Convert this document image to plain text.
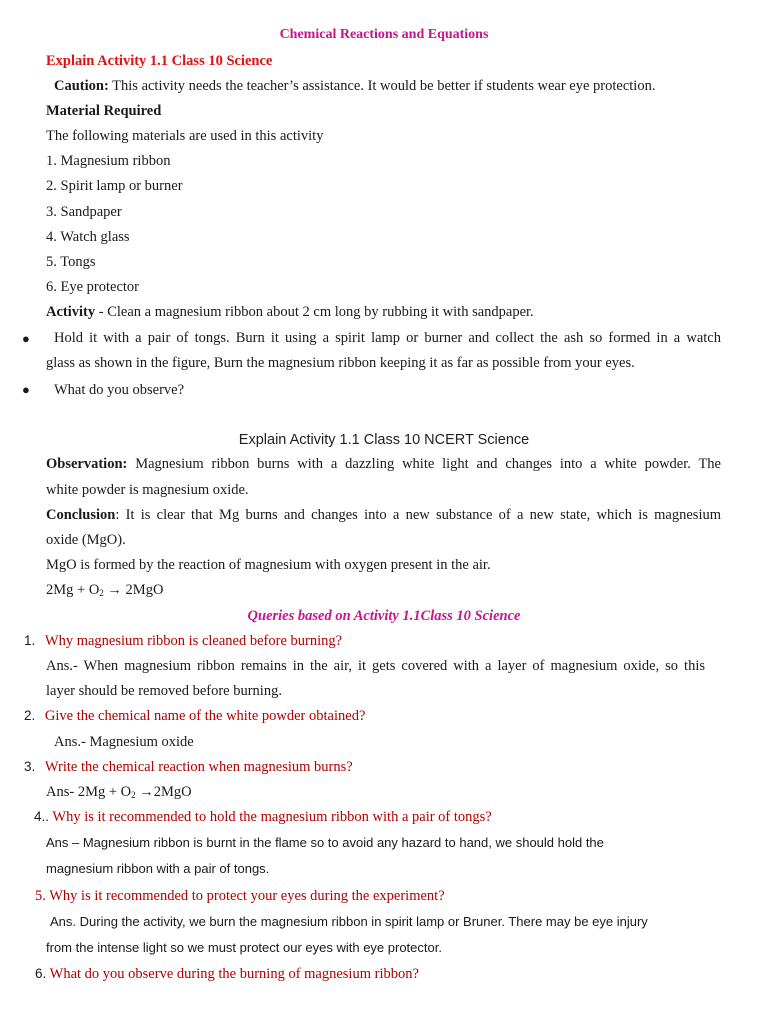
Chemical Reactions and Equations
Explain Activity 1.1 Class 10 Science
Caution: This activity needs the teacher’s assistance. It would be better if students wear eye protection.
Material Required
The following materials are used in this activity
1. Magnesium ribbon
2. Spirit lamp or burner
3. Sandpaper
4. Watch glass
5. Tongs
6. Eye protector
Activity - Clean a magnesium ribbon about 2 cm long by rubbing it with sandpaper.
●	Hold it with a pair of tongs. Burn it using a spirit lamp or burner and collect the ash so formed in a watch
glass as shown in the figure, Burn the magnesium ribbon keeping it as far as possible from your eyes.
● What do you observe?
Explain Activity 1.1 Class 10 NCERT Science
Observation: Magnesium ribbon burns with a dazzling white light and changes into a white powder. The
white powder is magnesium oxide.
Conclusion: It is clear that Mg burns and changes into a new substance of a new state, which is magnesium
oxide (MgO).
MgO is formed by the reaction of magnesium with oxygen present in the air.
$2Mg + O_2 \to 2MgO$
Queries based on Activity 1.1Class 10 Science
1. Why magnesium ribbon is cleaned before burning?
Ans.- When magnesium ribbon remains in the air, it gets covered with a layer of magnesium oxide, so this
layer should be removed before burning.
2. Give the chemical name of the white powder obtained?
Ans.- Magnesium oxide
3. Write the chemical reaction when magnesium burns?
Ans- $2Mg + O_2 \to 2MgO$
4.. Why is it recommended to hold the magnesium ribbon with a pair of tongs?
Ans – Magnesium ribbon is burnt in the flame so to avoid any hazard to hand, we should hold the
magnesium ribbon with a pair of tongs.
5. Why is it recommended to protect your eyes during the experiment?
Ans. During the activity, we burn the magnesium ribbon in spirit lamp or Bruner. There may be eye injury
from the intense light so we must protect our eyes with eye protector.
6. What do you observe during the burning of magnesium ribbon?
